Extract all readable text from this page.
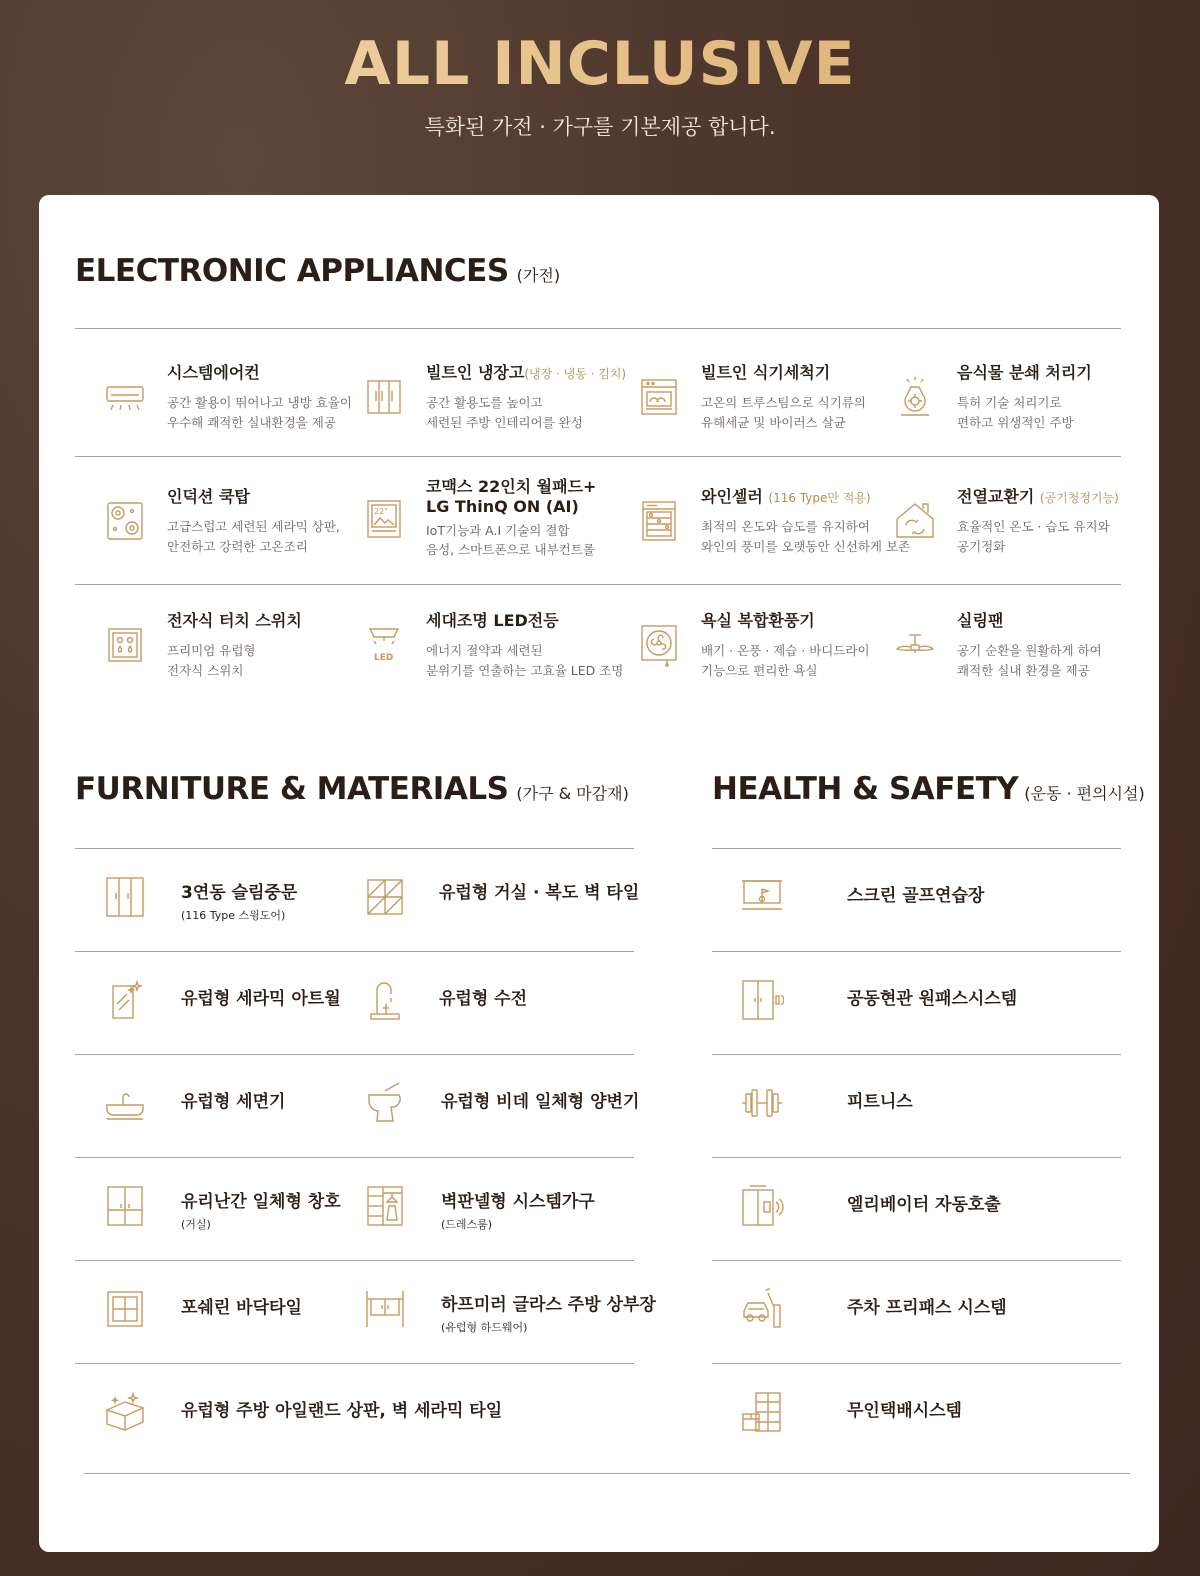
ALL INCLUSIVE
특화된 가전 · 가구를 기본제공 합니다.
ELECTRONIC APPLIANCES (가전)
시스템에어컨
공간 활용이 뛰어나고 냉방 효율이
우수해 쾌적한 실내환경을 제공
빌트인 냉장고(냉장 · 냉동 · 김치)
공간 활용도를 높이고
세련된 주방 인테리어를 완성
빌트인 식기세척기
고온의 트루스팀으로 식기류의
유해세균 및 바이러스 살균
음식물 분쇄 처리기
특허 기술 처리기로
편하고 위생적인 주방
인덕션 쿡탑
고급스럽고 세련된 세라믹 상판,
안전하고 강력한 고온조리
22"
코맥스 22인치 월패드+
LG ThinQ ON (AI)
IoT기능과 A.I 기술의 결합
음성, 스마트폰으로 내부컨트롤
와인셀러 (116 Type만 적용)
최적의 온도와 습도를 유지하여
와인의 풍미를 오랫동안 신선하게 보존
전열교환기 (공기청정기능)
효율적인 온도 · 습도 유지와
공기정화
전자식 터치 스위치
프리미엄 유럽형
전자식 스위치
LED
세대조명 LED전등
에너지 절약과 세련된
분위기를 연출하는 고효율 LED 조명
욕실 복합환풍기
배기 · 온풍 · 제습 · 바디드라이
기능으로 편리한 욕실
실링팬
공기 순환을 원활하게 하여
쾌적한 실내 환경을 제공
FURNITURE & MATERIALS (가구 & 마감재)	HEALTH & SAFETY (운동 · 편의시설)
3연동 슬림중문
(116 Type 스윙도어)
유럽형 거실 · 복도 벽 타일
유럽형 세라믹 아트월	유럽형 수전
유럽형 세면기	유럽형 비데 일체형 양변기
유리난간 일체형 창호
(거실)
벽판넬형 시스템가구
(드레스룸)
포쉐린 바닥타일	하프미러 글라스 주방 상부장
(유럽형 하드웨어)
유럽형 주방 아일랜드 상판, 벽 세라믹 타일
스크린 골프연습장
공동현관 원패스시스템
피트니스
엘리베이터 자동호출
주차 프리패스 시스템
무인택배시스템
